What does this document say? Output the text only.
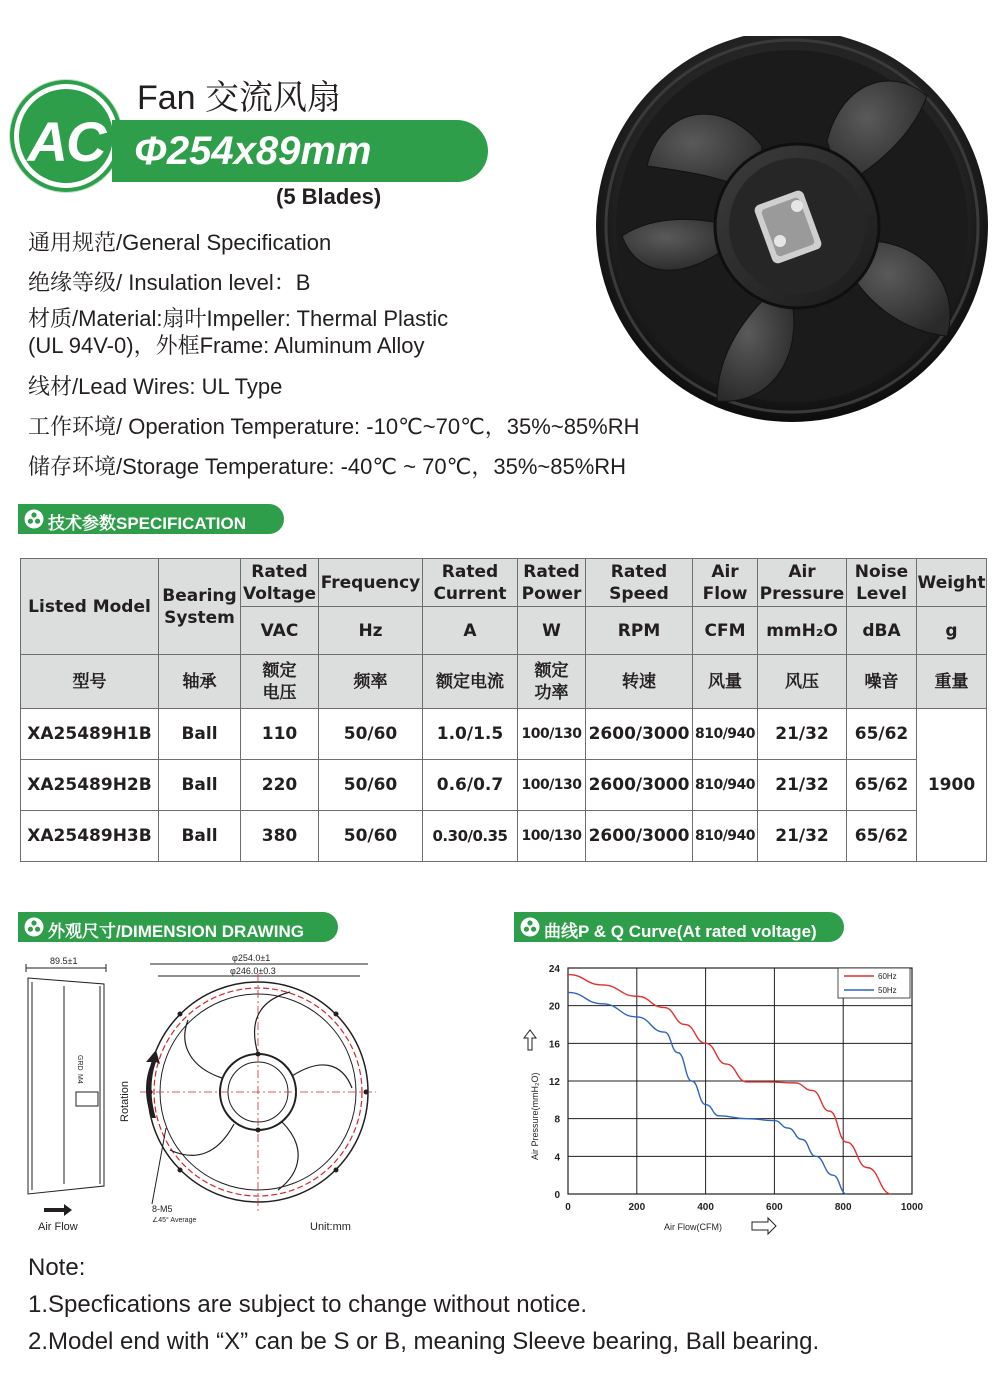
AC
Fan 交流风扇
Φ254x89mm
(5 Blades)
通用规范/General Specification
绝缘等级/ Insulation level：B
材质/Material:扇叶Impeller: Thermal Plastic
(UL 94V-0)，外框Frame: Aluminum Alloy
线材/Lead Wires: UL Type
工作环境/ Operation Temperature: -10℃~70℃，35%~85%RH
储存环境/Storage Temperature: -40℃ ~ 70℃，35%~85%RH
技术参数SPECIFICATION
Listed Model	Bearing System	Rated Voltage	Frequency	Rated Current	Rated Power	Rated Speed	Air Flow	Air Pressure	Noise Level	Weight
		VAC	Hz	A	W	RPM	CFM	mmH₂O	dBA	g
型号	轴承	额定电压	频率	额定电流	额定功率	转速	风量	风压	噪音	重量
XA25489H1B	Ball	110	50/60	1.0/1.5	100/130	2600/3000	810/940	21/32	65/62	1900
XA25489H2B	Ball	220	50/60	0.6/0.7	100/130	2600/3000	810/940	21/32	65/62	
XA25489H3B	Ball	380	50/60	0.30/0.35	100/130	2600/3000	810/940	21/32	65/62	
外观尺寸/DIMENSION DRAWING
89.5±1
GRD
M4
Air Flow
φ254.0±1
φ246.0±0.3
Rotation
8-M5
∠45° Average
Unit:mm
曲线P & Q Curve(At rated voltage)
0	200	400	600	800	1000
0
4
8
12
16
20
24
60Hz
50Hz
Air Pressure(mmH₂O)
Air Flow(CFM)
Note:
1.Specfications are subject to change without notice.
2.Model end with “X” can be S or B, meaning Sleeve bearing, Ball bearing.
